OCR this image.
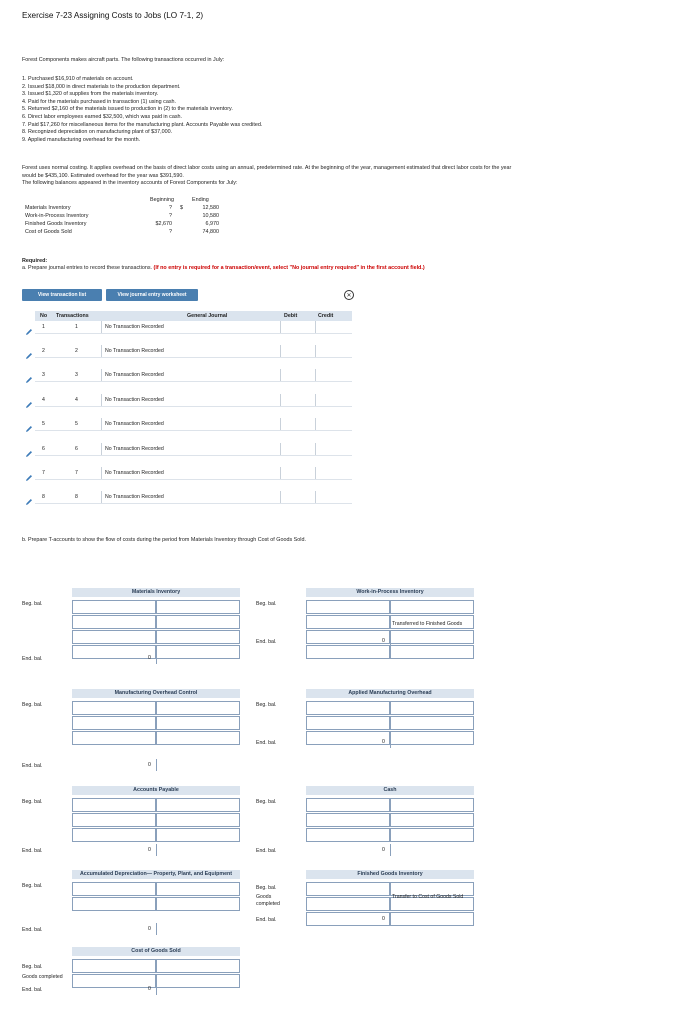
Exercise 7-23 Assigning Costs to Jobs (LO 7-1, 2)
Forest Components makes aircraft parts. The following transactions occurred in July:
1. Purchased $16,910 of materials on account.
2. Issued $18,000 in direct materials to the production department.
3. Issued $1,320 of supplies from the materials inventory.
4. Paid for the materials purchased in transaction (1) using cash.
5. Returned $2,160 of the materials issued to production in (2) to the materials inventory.
6. Direct labor employees earned $32,500, which was paid in cash.
7. Paid $17,260 for miscellaneous items for the manufacturing plant. Accounts Payable was credited.
8. Recognized depreciation on manufacturing plant of $37,000.
9. Applied manufacturing overhead for the month.
Forest uses normal costing. It applies overhead on the basis of direct labor costs using an annual, predetermined rate. At the beginning of the year, management estimated that direct labor costs for the year
would be $435,100. Estimated overhead for the year was $391,590.
The following balances appeared in the inventory accounts of Forest Components for July:
Beginning	Ending
Materials Inventory	?	$	12,580
Work-in-Process Inventory	?	10,580
Finished Goods Inventory	$2,670	6,970
Cost of Goods Sold	?	74,800
Required:
a. Prepare journal entries to record these transactions. (If no entry is required for a transaction/event, select "No journal entry required" in the first account field.)
View transaction list	View journal entry worksheet	✕
No Transactions	General Journal	Debit	Credit
1	1	No Transaction Recorded
2	2	No Transaction Recorded
3	3	No Transaction Recorded
4	4	No Transaction Recorded
5	5	No Transaction Recorded
6	6	No Transaction Recorded
7	7	No Transaction Recorded
8	8	No Transaction Recorded
b. Prepare T-accounts to show the flow of costs during the period from Materials Inventory through Cost of Goods Sold.
Materials Inventory
Beg. bal.
End. bal.	0
Work-in-Process Inventory
Beg. bal.
Transferred to Finished Goods
End. bal.	0
Manufacturing Overhead Control
Beg. bal.
End. bal.	0
Applied Manufacturing Overhead
Beg. bal.
End. bal.	0
Accounts Payable
Beg. bal.
End. bal.	0
Cash
Beg. bal.
End. bal.	0
Accumulated Depreciation— Property, Plant, and Equipment
Beg. bal.
End. bal.	0
Finished Goods Inventory
Beg. bal.
Goods completed
Transfer to Cost of Goods Sold
End. bal.	0
Cost of Goods Sold
Beg. bal.
Goods completed
End. bal.	0
